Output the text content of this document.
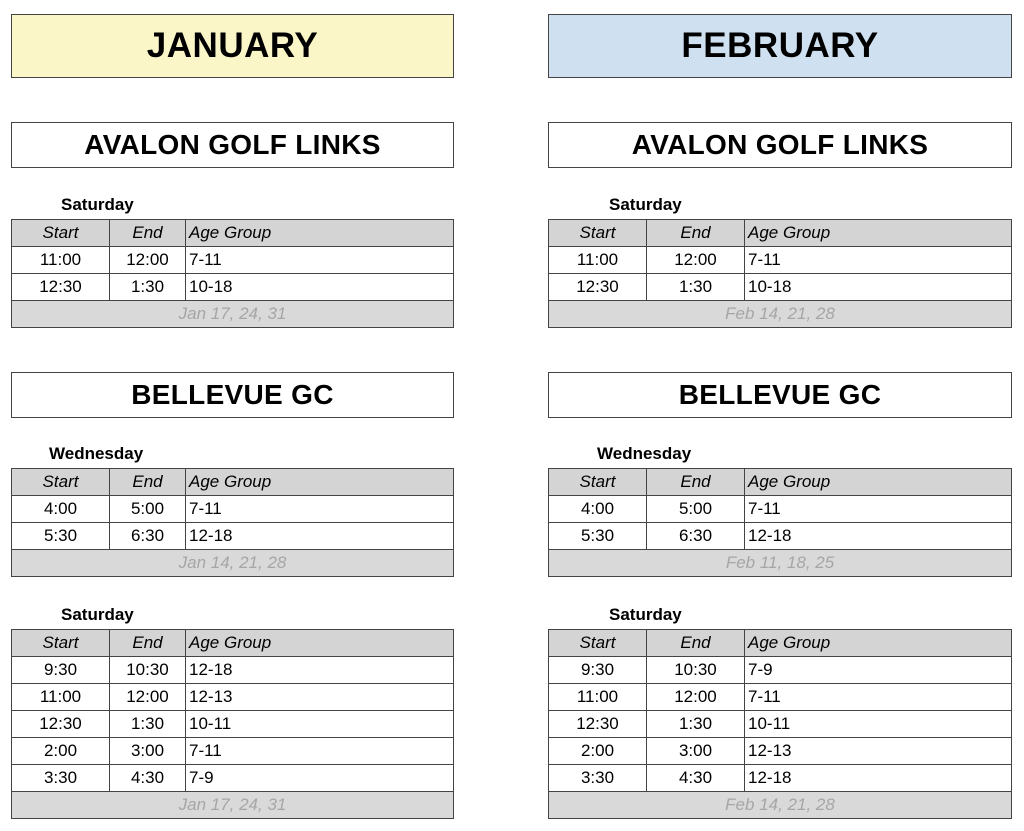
JANUARY
AVALON GOLF LINKS
Saturday
Start	End	Age Group
11:00	12:00	7-11
12:30	1:30	10-18
Jan 17, 24, 31		
BELLEVUE GC
Wednesday
Start	End	Age Group
4:00	5:00	7-11
5:30	6:30	12-18
Jan 14, 21, 28		
Saturday
Start	End	Age Group
9:30	10:30	12-18
11:00	12:00	12-13
12:30	1:30	10-11
2:00	3:00	7-11
3:30	4:30	7-9
Jan 17, 24, 31		
FEBRUARY
AVALON GOLF LINKS
Saturday
Start	End	Age Group
11:00	12:00	7-11
12:30	1:30	10-18
Feb 14, 21, 28		
BELLEVUE GC
Wednesday
Start	End	Age Group
4:00	5:00	7-11
5:30	6:30	12-18
Feb 11, 18, 25		
Saturday
Start	End	Age Group
9:30	10:30	7-9
11:00	12:00	7-11
12:30	1:30	10-11
2:00	3:00	12-13
3:30	4:30	12-18
Feb 14, 21, 28		
